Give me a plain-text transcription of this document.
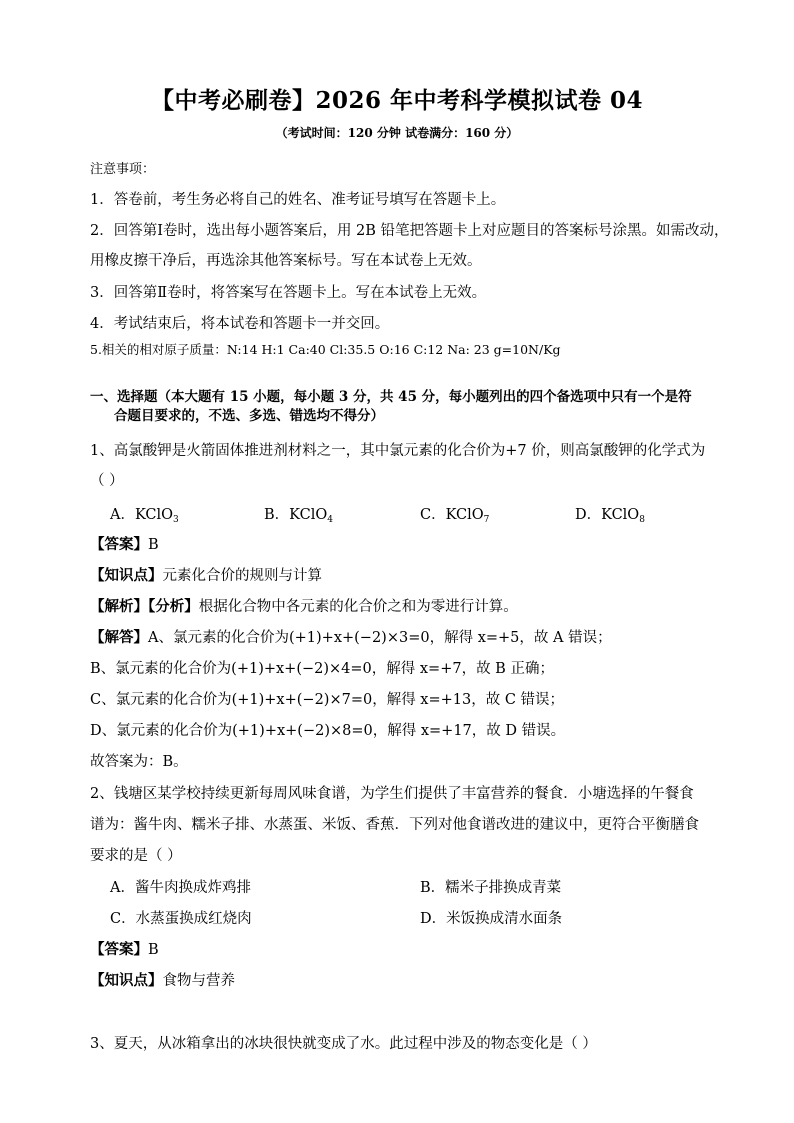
【中考必刷卷】2026 年中考科学模拟试卷 04
（考试时间：120 分钟 试卷满分：160 分）
注意事项：
1．答卷前，考生务必将自己的姓名、准考证号填写在答题卡上。
2．回答第Ⅰ卷时，选出每小题答案后，用 2B 铅笔把答题卡上对应题目的答案标号涂黑。如需改动，
用橡皮擦干净后，再选涂其他答案标号。写在本试卷上无效。
3．回答第Ⅱ卷时，将答案写在答题卡上。写在本试卷上无效。
4．考试结束后，将本试卷和答题卡一并交回。
5.相关的相对原子质量：N:14 H:1 Ca:40 Cl:35.5 O:16 C:12 Na: 23 g=10N/Kg
一、选择题（本大题有 15 小题，每小题 3 分，共 45 分，每小题列出的四个备选项中只有一个是符
合题目要求的，不选、多选、错选均不得分）
1、高氯酸钾是火箭固体推进剂材料之一，其中氯元素的化合价为+7 价，则高氯酸钾的化学式为
（ ）
A．KClO$_3$	B．KClO$_4$	C．KClO$_7$	D．KClO$_8$
【答案】B
【知识点】元素化合价的规则与计算
【解析】【分析】根据化合物中各元素的化合价之和为零进行计算。
【解答】A、氯元素的化合价为(+1)+x+(−2)×3=0，解得 x=+5，故 A 错误；
B、氯元素的化合价为(+1)+x+(−2)×4=0，解得 x=+7，故 B 正确；
C、氯元素的化合价为(+1)+x+(−2)×7=0，解得 x=+13，故 C 错误；
D、氯元素的化合价为(+1)+x+(−2)×8=0，解得 x=+17，故 D 错误。
故答案为：B。
2、钱塘区某学校持续更新每周风味食谱，为学生们提供了丰富营养的餐食．小塘选择的午餐食
谱为：酱牛肉、糯米子排、水蒸蛋、米饭、香蕉．下列对他食谱改进的建议中，更符合平衡膳食
要求的是（ ）
A．酱牛肉换成炸鸡排	B．糯米子排换成青菜
C．水蒸蛋换成红烧肉	D．米饭换成清水面条
【答案】B
【知识点】食物与营养
3、夏天，从冰箱拿出的冰块很快就变成了水。此过程中涉及的物态变化是（ ）
